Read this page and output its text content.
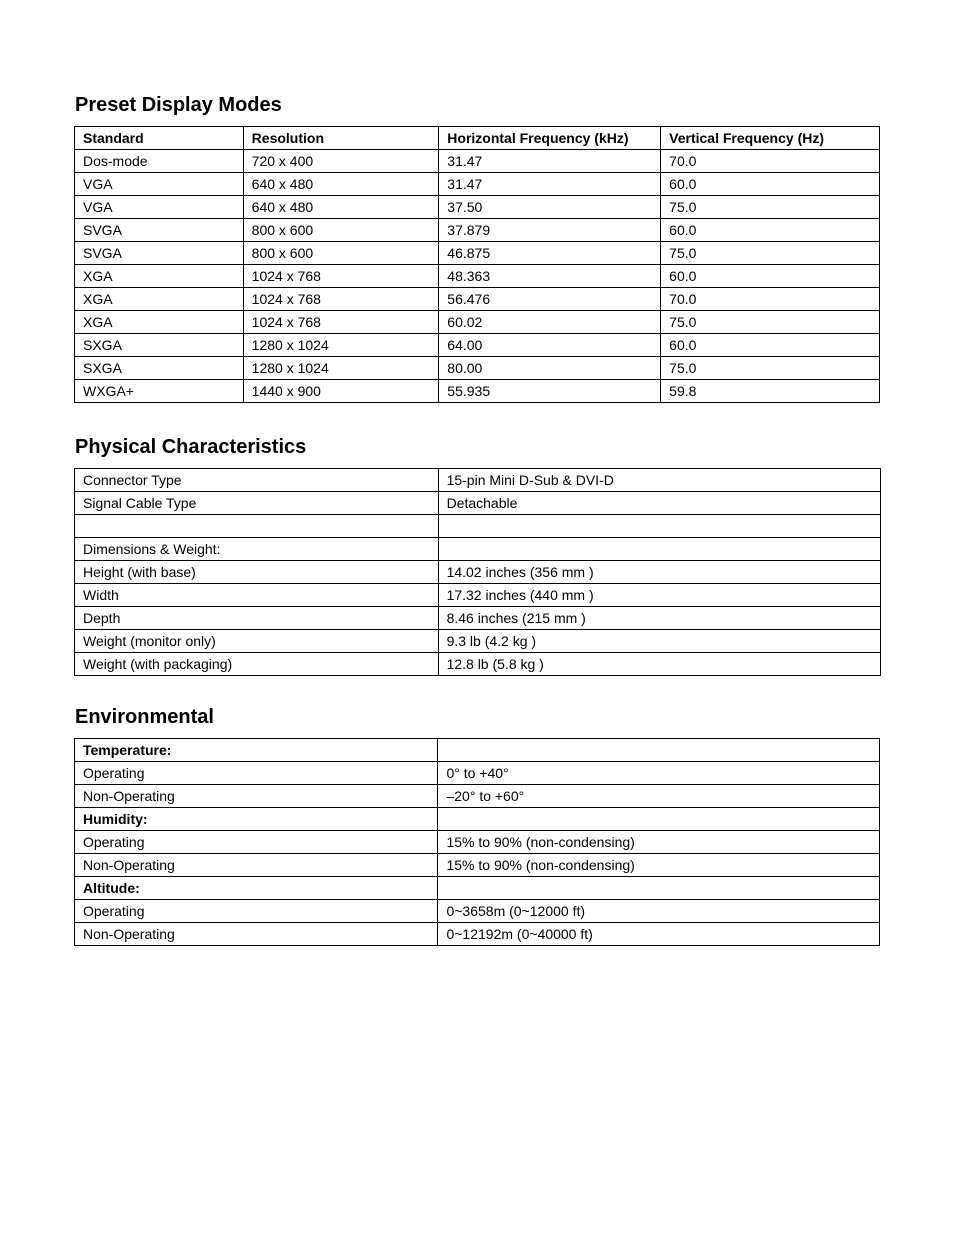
Preset Display Modes
Standard	Resolution	Horizontal Frequency (kHz)	Vertical Frequency (Hz)
Dos-mode	720 x 400	31.47	70.0
VGA	640 x 480	31.47	60.0
VGA	640 x 480	37.50	75.0
SVGA	800 x 600	37.879	60.0
SVGA	800 x 600	46.875	75.0
XGA	1024 x 768	48.363	60.0
XGA	1024 x 768	56.476	70.0
XGA	1024 x 768	60.02	75.0
SXGA	1280 x 1024	64.00	60.0
SXGA	1280 x 1024	80.00	75.0
WXGA+	1440 x 900	55.935	59.8
Physical Characteristics
Connector Type	15-pin Mini D-Sub & DVI-D
Signal Cable Type	Detachable

Dimensions & Weight:	
Height (with base)	14.02 inches (356 mm )
Width	17.32 inches (440 mm )
Depth	8.46 inches (215 mm )
Weight (monitor only)	9.3 lb (4.2 kg )
Weight (with packaging)	12.8 lb (5.8 kg )
Environmental
Temperature:	
Operating	0° to +40°
Non-Operating	–20° to +60°
Humidity:	
Operating	15% to 90% (non-condensing)
Non-Operating	15% to 90% (non-condensing)
Altitude:	
Operating	0~3658m (0~12000 ft)
Non-Operating	0~12192m (0~40000 ft)
